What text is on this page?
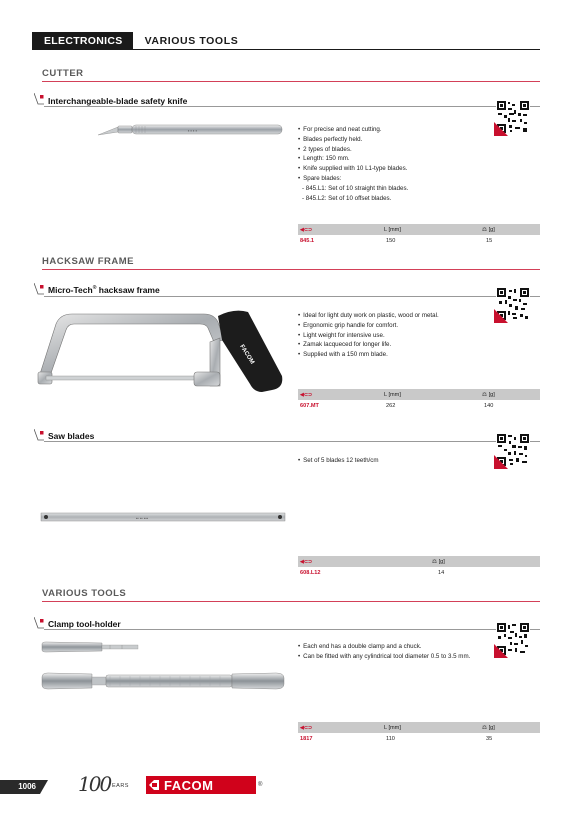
ELECTRONICS	VARIOUS TOOLS
CUTTER
Interchangeable-blade safety knife
▪ ▪ ▪ ▪
•	For precise and neat cutting.
• Blades perfectly held.
• 2 types of blades.
• Length: 150 mm.
• Knife supplied with 10 L1-type blades.
• Spare blades:
- 845.L1: Set of 10 straight thin blades.
- 845.L2: Set of 10 offset blades.
◀⊂⊃	L [mm]	⚖ [g]
845.1	150	15
HACKSAW FRAME
Micro-Tech® hacksaw frame
FACOM
• Ideal for light duty work on plastic, wood or metal.
• Ergonomic grip handle for comfort.
• Light weight for intensive use.
• Zamak lacqueced for longer life.
• Supplied with a 150 mm blade.
◀⊂⊃	L [mm]	⚖ [g]
607.MT	262	140
Saw blades
▪▪ ▪▪ ▪▪▪
• Set of 5 blades 12 teeth/cm
◀⊂⊃	⚖ [g]
608.L12	14
VARIOUS TOOLS
Clamp tool-holder
• Each end has a double clamp and a chuck.
• Can be fitted with any cylindrical tool diameter 0.5 to 3.5 mm.
◀⊂⊃	L [mm]	⚖ [g]
1817	110	35
1006 100 EARS	FACOM	®
